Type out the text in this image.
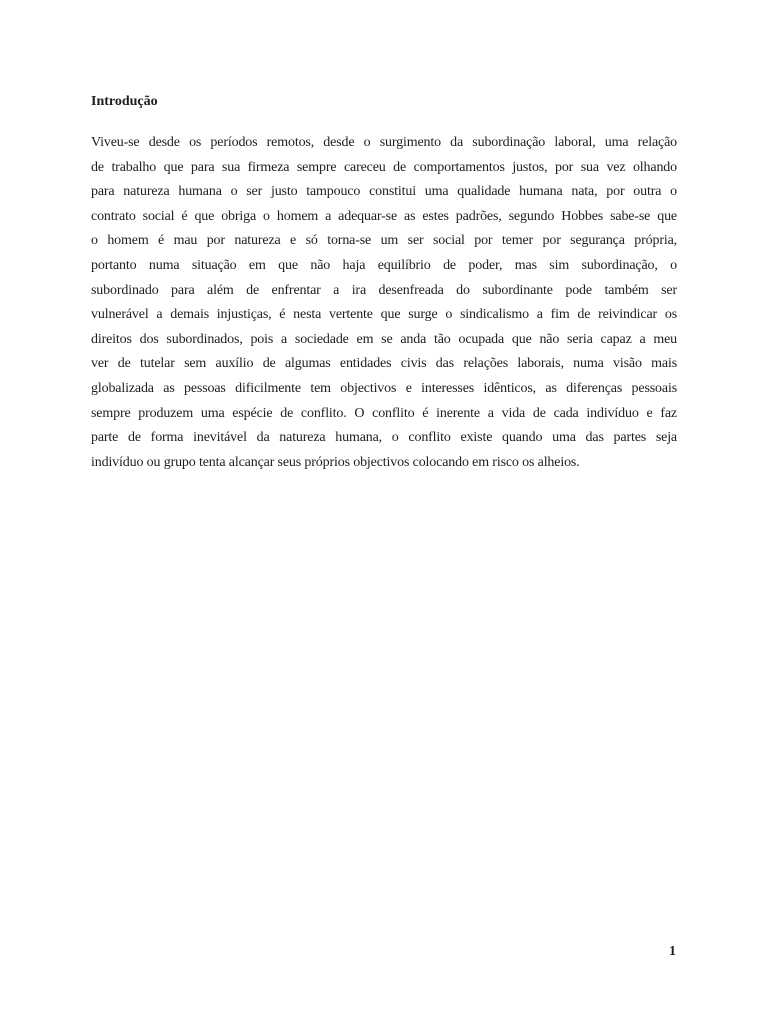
Introdução
Viveu-se desde os períodos remotos, desde o surgimento da subordinação laboral, uma relação
de trabalho que para sua firmeza sempre careceu de comportamentos justos, por sua vez olhando
para natureza humana o ser justo tampouco constitui uma qualidade humana nata, por outra o
contrato social é que obriga o homem a adequar-se as estes padrões, segundo Hobbes sabe-se que
o homem é mau por natureza e só torna-se um ser social por temer por segurança própria,
portanto numa situação em que não haja equilíbrio de poder, mas sim subordinação, o
subordinado para além de enfrentar a ira desenfreada do subordinante pode também ser
vulnerável a demais injustiças, é nesta vertente que surge o sindicalismo a fim de reivindicar os
direitos dos subordinados, pois a sociedade em se anda tão ocupada que não seria capaz a meu
ver de tutelar sem auxílio de algumas entidades civis das relações laborais, numa visão mais
globalizada as pessoas dificilmente tem objectivos e interesses idênticos, as diferenças pessoais
sempre produzem uma espécie de conflito. O conflito é inerente a vida de cada indivíduo e faz
parte de forma inevitável da natureza humana, o conflito existe quando uma das partes seja
indivíduo ou grupo tenta alcançar seus próprios objectivos colocando em risco os alheios.
1
